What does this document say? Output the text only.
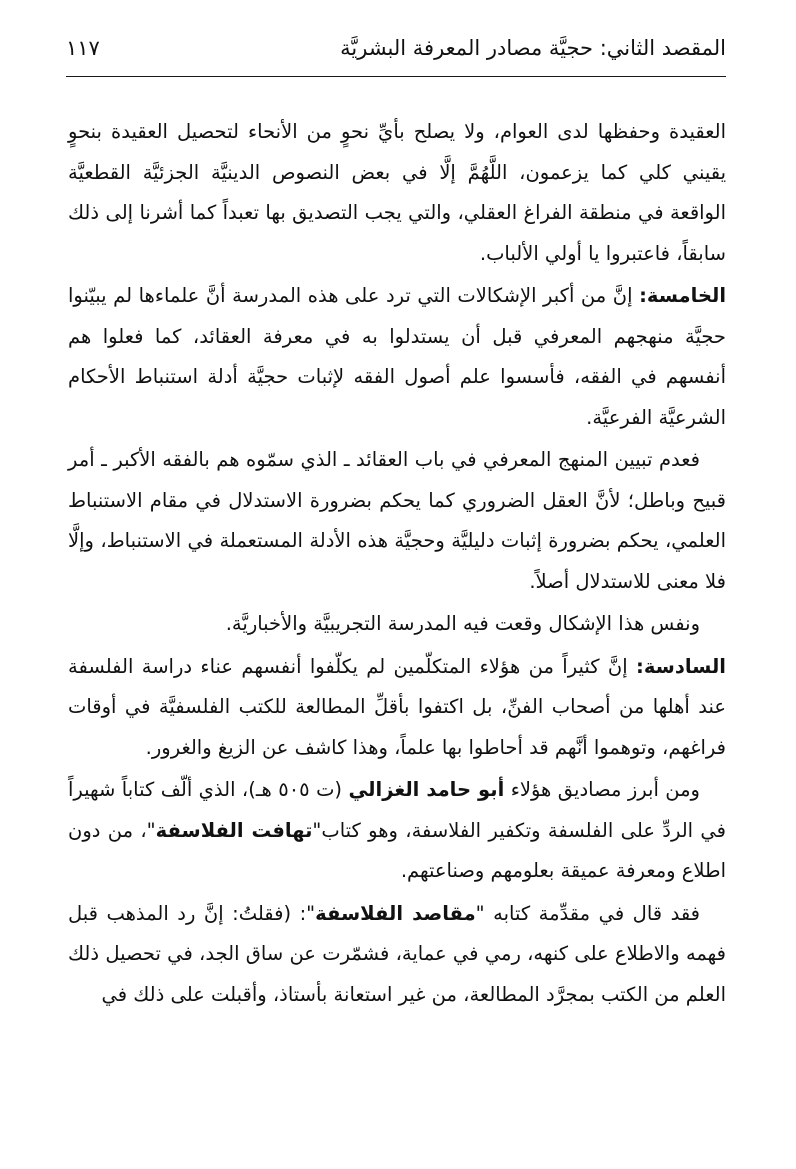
المقصد الثاني: حجيَّة مصادر المعرفة البشريَّة
١١٧

العقيدة وحفظها لدى العوام، ولا يصلح بأيِّ نحوٍ من الأنحاء لتحصيل العقيدة بنحوٍ يقيني كلي كما يزعمون، اللَّهُمَّ إلَّا في بعض النصوص الدينيَّة الجزئيَّة القطعيَّة الواقعة في منطقة الفراغ العقلي، والتي يجب التصديق بها تعبداً كما أشرنا إلى ذلك سابقاً، فاعتبروا يا أولي الألباب.

الخامسة: إنَّ من أكبر الإشكالات التي ترد على هذه المدرسة أنَّ علماءها لم يبيّنوا حجيَّة منهجهم المعرفي قبل أن يستدلوا به في معرفة العقائد، كما فعلوا هم أنفسهم في الفقه، فأسسوا علم أصول الفقه لإثبات حجيَّة أدلة استنباط الأحكام الشرعيَّة الفرعيَّة.

فعدم تبيين المنهج المعرفي في باب العقائد ـ الذي سمّوه هم بالفقه الأكبر ـ أمر قبيح وباطل؛ لأنَّ العقل الضروري كما يحكم بضرورة الاستدلال في مقام الاستنباط العلمي، يحكم بضرورة إثبات دليليَّة وحجيَّة هذه الأدلة المستعملة في الاستنباط، وإلَّا فلا معنى للاستدلال أصلاً.

ونفس هذا الإشكال وقعت فيه المدرسة التجريبيَّة والأخباريَّة.

السادسة: إنَّ كثيراً من هؤلاء المتكلّمين لم يكلّفوا أنفسهم عناء دراسة الفلسفة عند أهلها من أصحاب الفنِّ، بل اكتفوا بأقلِّ المطالعة للكتب الفلسفيَّة في أوقات فراغهم، وتوهموا أنَّهم قد أحاطوا بها علماً، وهذا كاشف عن الزيغ والغرور.

ومن أبرز مصاديق هؤلاء أبو حامد الغزالي (ت ٥٠٥ هـ)، الذي ألّف كتاباً شهيراً في الردِّ على الفلسفة وتكفير الفلاسفة، وهو كتاب"تهافت الفلاسفة"، من دون اطلاع ومعرفة عميقة بعلومهم وصناعتهم.

فقد قال في مقدِّمة كتابه "مقاصد الفلاسفة": (فقلتُ: إنَّ رد المذهب قبل فهمه والاطلاع على كنهه، رمي في عماية، فشمّرت عن ساق الجد، في تحصيل ذلك العلم من الكتب بمجرَّد المطالعة، من غير استعانة بأستاذ، وأقبلت على ذلك في
